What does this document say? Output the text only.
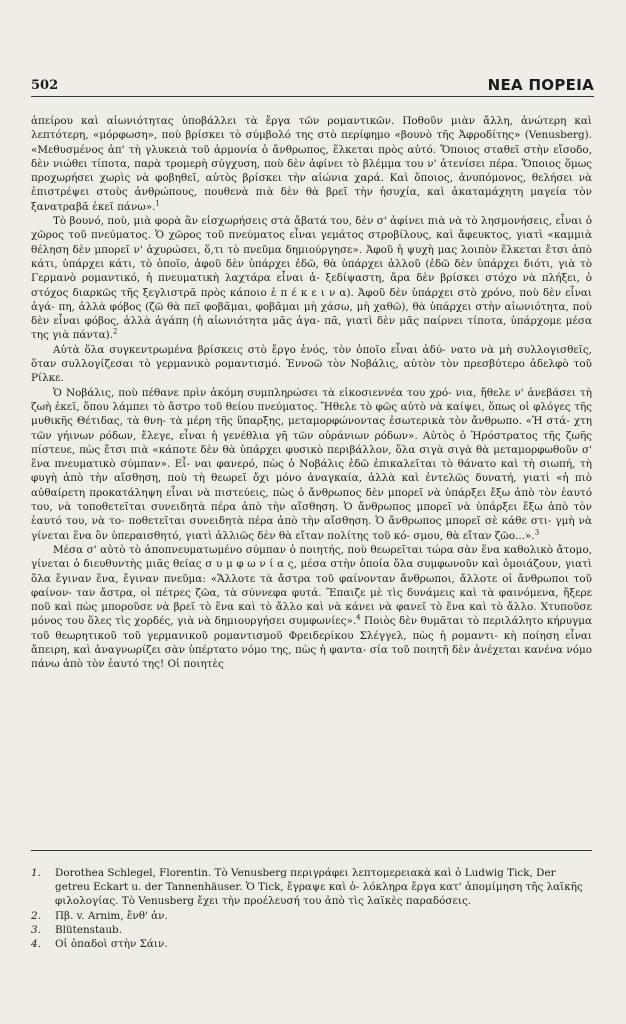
502	ΝΕΑ ΠΟΡΕΙΑ

ἀπείρου καὶ αἰωνιότητας ὑποβάλλει τὰ ἔργα τῶν ρομαντικῶν. Ποθοῦν μιὰν ἄλλη, ἀνώτερη καὶ λεπτότερη, «μόρφωση», ποὺ βρίσκει τὸ σύμβολό της στὸ περίφημο «βουνὸ τῆς Ἀφροδίτης» (Venusberg). «Μεθυσμένος ἀπ' τὴ γλυκειὰ τοῦ ἁρμονία ὁ ἄνθρωπος, ἕλκεται πρὸς αὐτό. Ὅποιος σταθεῖ στὴν εἴσοδο, δὲν νιώθει τίποτα, παρὰ τρομερὴ σύγχυση, ποὺ δὲν ἀφίνει τὸ βλέμμα του ν' ἀτενίσει πέρα. Ὅποιος ὅμως προχωρήσει χωρὶς νὰ φοβηθεῖ, αὐτὸς βρίσκει τὴν αἰώνια χαρά. Καὶ ὅποιος, ἀνυπόμονος, θελήσει νὰ ἐπιστρέψει στοὺς ἀνθρώπους, πουθενὰ πιὰ δὲν θὰ βρεῖ τὴν ἡσυχία, καὶ ἀκαταμάχητη μαγεία τὸν ξανατραβᾶ ἐκεῖ πάνω».$^1$

Τὸ βουνό, ποὺ, μιὰ φορὰ ἂν εἰσχωρήσεις στὰ ἄβατά του, δὲν σ' ἀφίνει πιὰ νὰ τὸ λησμονήσεις, εἶναι ὁ χῶρος τοῦ πνεύματος. Ὁ χῶρος τοῦ πνεύματος εἶναι γεμάτος στροβίλους, καὶ ἄφευκτος, γιατὶ «καμμιὰ θέληση δὲν μπορεῖ ν' ἀχυρώσει, ὅ,τι τὸ πνεῦμα δημιούργησε». Ἀφοῦ ἡ ψυχὴ μας λοιπὸν ἕλκεται ἔτσι ἀπὸ κάτι, ὑπάρχει κάτι, τὸ ὁποῖο, ἀφοῦ δὲν ὑπάρχει ἐδῶ, θὰ ὑπάρχει ἀλλοῦ (ἐδῶ δὲν ὑπάρχει διότι, γιὰ τὸ Γερμανὸ ρομαντικό, ἡ πνευματικὴ λαχτάρα εἶναι ἀ- ξεδίψαστη, ἄρα δὲν βρίσκει στόχο νὰ πλήξει, ὁ στόχος διαρκῶς τῆς ξεγλιστρᾶ πρὸς κάποιο ἐ π έ κ ε ι ν α). Ἀφοῦ δὲν ὑπάρχει στὸ χρόνο, ποὺ δὲν εἶναι ἀγά- πη, ἀλλὰ φόβος (ζῶ θὰ πεῖ φοβᾶμαι, φοβᾶμαι μὴ χάσω, μὴ χαθῶ), θὰ ὑπάρχει στὴν αἰωνιότητα, ποὺ δὲν εἶναι φόβος, ἀλλὰ ἀγάπη (ἡ αἰωνιότητα μᾶς ἀγα- πᾶ, γιατὶ δὲν μᾶς παίρνει τίποτα, ὑπάρχομε μέσα της γιὰ πάντα).$^2$

Αὐτὰ ὅλα συγκεντρωμένα βρίσκεις στὸ ἔργο ἑνός, τὸν ὁποῖο εἶναι ἀδύ- νατο νὰ μὴ συλλογισθεῖς, ὅταν συλλογίζεσαι τὸ γερμανικὸ ρομαντισμό. Ἐννοῶ τὸν Νοβάλις, αὐτὸν τὸν πρεσβύτερο ἀδελφὸ τοῦ Ρίλκε.

Ὁ Νοβάλις, ποὺ πέθανε πρὶν ἀκόμη συμπληρώσει τὰ εἰκοσιεννέα του χρό- νια, ἤθελε ν' ἀνεβάσει τὴ ζωὴ ἐκεῖ, ὅπου λάμπει τὸ ἄστρο τοῦ θείου πνεύματος. Ἤθελε τὸ φῶς αὐτὸ νὰ καίψει, ὅπως οἱ φλόγες τῆς μυθικῆς Θέτιδας, τὰ θνη- τὰ μέρη τῆς ὕπαρξης, μεταμορφώνοντας ἐσωτερικὰ τὸν ἄνθρωπο. «Ἡ στά- χτη τῶν γήινων ρόδων, ἔλεγε, εἶναι ἡ γενέθλια γῆ τῶν οὐράνιων ρόδων». Αὐτὸς ὁ Ἡρόστρατος τῆς ζωῆς πίστευε, πὼς ἔτσι πιὰ «κάποτε δὲν θὰ ὑπάρχει φυσικὸ περιβάλλον, ὅλα σιγὰ σιγὰ θὰ μεταμορφωθοῦν σ' ἕνα πνευματικὸ σύμπαν». Εἶ- ναι φανερό, πὼς ὁ Νοβάλις ἐδῶ ἐπικαλεῖται τὸ θάνατο καὶ τὴ σιωπή, τὴ φυγὴ ἀπὸ τὴν αἴσθηση, ποὺ τὴ θεωρεῖ ὄχι μόνο ἀναγκαία, ἀλλὰ καὶ ἐντελῶς δυνατή, γιατὶ «ἡ πιὸ αὐθαίρετη προκατάληψη εἶναι νὰ πιστεύεις, πὼς ὁ ἄνθρωπος δὲν μπορεῖ νὰ ὑπάρξει ἔξω ἀπὸ τὸν ἑαυτό του, νὰ τοποθετεῖται συνειδητὰ πέρα ἀπὸ τὴν αἴσθηση. Ὁ ἄνθρωπος μπορεῖ νὰ ὑπάρξει ἔξω ἀπὸ τὸν ἑαυτό του, νὰ το- ποθετεῖται συνειδητὰ πέρα ἀπὸ τὴν αἴσθηση. Ὁ ἄνθρωπος μπορεῖ σὲ κάθε στι- γμὴ νὰ γίνεται ἕνα ὂν ὑπεραισθητό, γιατὶ ἀλλιῶς δὲν θὰ εἴταν πολίτης τοῦ κό- σμου, θὰ εἴταν ζῶο...».$^3$

Μέσα σ' αὐτὸ τὸ ἀποπνευματωμένο σύμπαν ὁ ποιητής, ποὺ θεωρεῖται τώρα σὰν ἕνα καθολικὸ ἄτομο, γίνεται ὁ διευθυντὴς μιᾶς θείας σ υ μ φ ω ν ί α ς, μέσα στὴν ὁποία ὅλα συμφωνοῦν καὶ ὁμοιάζουν, γιατὶ ὅλα ἔγιναν ἕνα, ἔγιναν πνεῦμα: «Ἄλλοτε τὰ ἄστρα τοῦ φαίνονταν ἄνθρωποι, ἄλλοτε οἱ ἄνθρωποι τοῦ φαίνον- ταν ἄστρα, οἱ πέτρες ζῶα, τὰ σύννεφα φυτά. Ἔπαιζε μὲ τὶς δυνάμεις καὶ τὰ φαινόμενα, ἤξερε ποῦ καὶ πὼς μποροῦσε νὰ βρεῖ τὸ ἕνα καὶ τὸ ἄλλο καὶ νὰ κάνει νὰ φανεῖ τὸ ἕνα καὶ τὸ ἄλλο. Χτυποῦσε μόνος του ὅλες τὶς χορδές, γιὰ νὰ δημιουργήσει συμφωνίες».$^4$ Ποιὸς δὲν θυμᾶται τὸ περιλάλητο κήρυγμα τοῦ θεωρητικοῦ τοῦ γερμανικοῦ ρομαντισμοῦ Φρειδερίκου Σλέγγελ, πὼς ἡ ρομαντι- κὴ ποίηση εἶναι ἄπειρη, καὶ ἀναγνωρίζει σὰν ὑπέρτατο νόμο της, πὼς ἡ φαντα- σία τοῦ ποιητῆ δὲν ἀνέχεται κανένα νόμο πάνω ἀπὸ τὸν ἑαυτό της! Οἱ ποιητὲς

1.	Dorothea Schlegel, Florentin. Τὸ Venusberg περιγράφει λεπτομερειακὰ καὶ ὁ Ludwig Tick, Der getreu Eckart u. der Tannenhäuser. Ὁ Tick, ἔγραψε καὶ ὁ- λόκληρα ἔργα κατ' ἀπομίμηση τῆς λαϊκῆς φιλολογίας. Τὸ Venusberg ἔχει τὴν προέλευσή του ἀπὸ τὶς λαϊκὲς παραδόσεις.
2.	Πβ. v. Arnim, ἔνθ' ἀν.
3.	Blütenstaub.
4.	Οἱ ὁπαδοὶ στὴν Σάιν.
